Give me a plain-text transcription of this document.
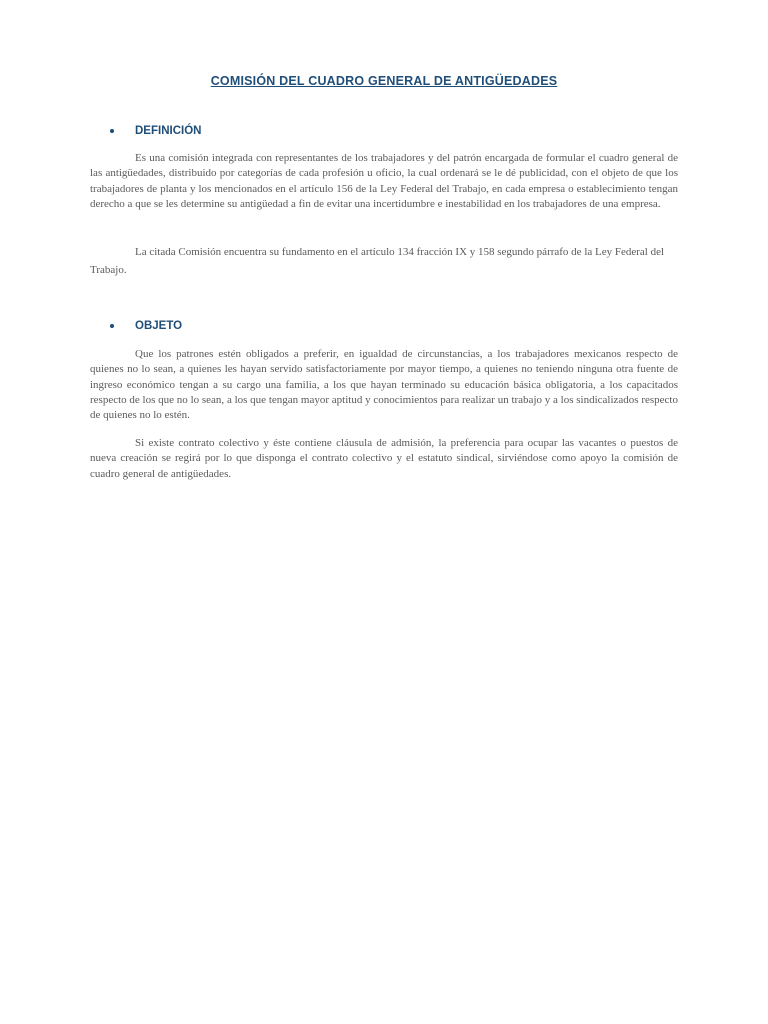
COMISIÓN DEL CUADRO GENERAL DE ANTIGÜEDADES
DEFINICIÓN

Es una comisión integrada con representantes de los trabajadores y del patrón encargada de formular el cuadro general de las antigüedades, distribuido por categorías de cada profesión u oficio, la cual ordenará se le dé publicidad, con el objeto de que los trabajadores de planta y los mencionados en el artículo 156 de la Ley Federal del Trabajo, en cada empresa o establecimiento tengan derecho a que se les determine su antigüedad a fin de evitar una incertidumbre e inestabilidad en los trabajadores de una empresa.

La citada Comisión encuentra su fundamento en el artículo 134 fracción IX y 158 segundo párrafo de la Ley Federal del Trabajo.

OBJETO

Que los patrones estén obligados a preferir, en igualdad de circunstancias, a los trabajadores mexicanos respecto de quienes no lo sean, a quienes les hayan servido satisfactoriamente por mayor tiempo, a quienes no teniendo ninguna otra fuente de ingreso económico tengan a su cargo una familia, a los que hayan terminado su educación básica obligatoria, a los capacitados respecto de los que no lo sean, a los que tengan mayor aptitud y conocimientos para realizar un trabajo y a los sindicalizados respecto de quienes no lo estén.

Si existe contrato colectivo y éste contiene cláusula de admisión, la preferencia para ocupar las vacantes o puestos de nueva creación se regirá por lo que disponga el contrato colectivo y el estatuto sindical, sirviéndose como apoyo la comisión de cuadro general de antigüedades.
